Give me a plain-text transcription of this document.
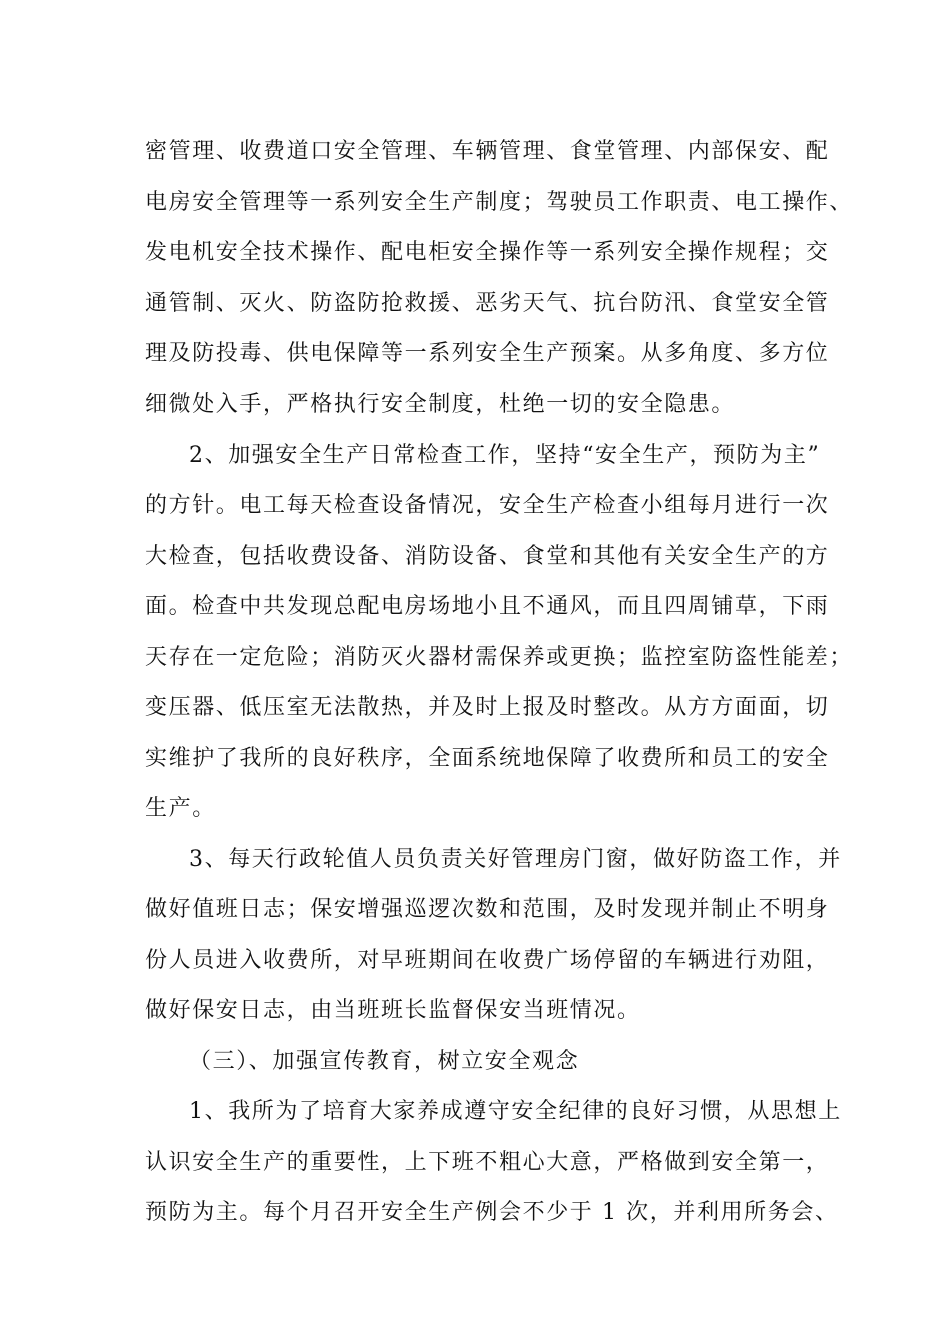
密管理、收费道口安全管理、车辆管理、食堂管理、内部保安、配
电房安全管理等一系列安全生产制度；驾驶员工作职责、电工操作、
发电机安全技术操作、配电柜安全操作等一系列安全操作规程；交
通管制、灭火、防盗防抢救援、恶劣天气、抗台防汛、食堂安全管
理及防投毒、供电保障等一系列安全生产预案。从多角度、多方位
细微处入手，严格执行安全制度，杜绝一切的安全隐患。
2、加强安全生产日常检查工作，坚持“安全生产，预防为主”
的方针。电工每天检查设备情况，安全生产检查小组每月进行一次
大检查，包括收费设备、消防设备、食堂和其他有关安全生产的方
面。检查中共发现总配电房场地小且不通风，而且四周铺草，下雨
天存在一定危险；消防灭火器材需保养或更换；监控室防盗性能差；
变压器、低压室无法散热，并及时上报及时整改。从方方面面，切
实维护了我所的良好秩序，全面系统地保障了收费所和员工的安全
生产。
3、每天行政轮值人员负责关好管理房门窗，做好防盗工作，并
做好值班日志；保安增强巡逻次数和范围，及时发现并制止不明身
份人员进入收费所，对早班期间在收费广场停留的车辆进行劝阻，
做好保安日志，由当班班长监督保安当班情况。
（三）、加强宣传教育，树立安全观念
1、我所为了培育大家养成遵守安全纪律的良好习惯，从思想上
认识安全生产的重要性，上下班不粗心大意，严格做到安全第一，
预防为主。每个月召开安全生产例会不少于 1 次，并利用所务会、
